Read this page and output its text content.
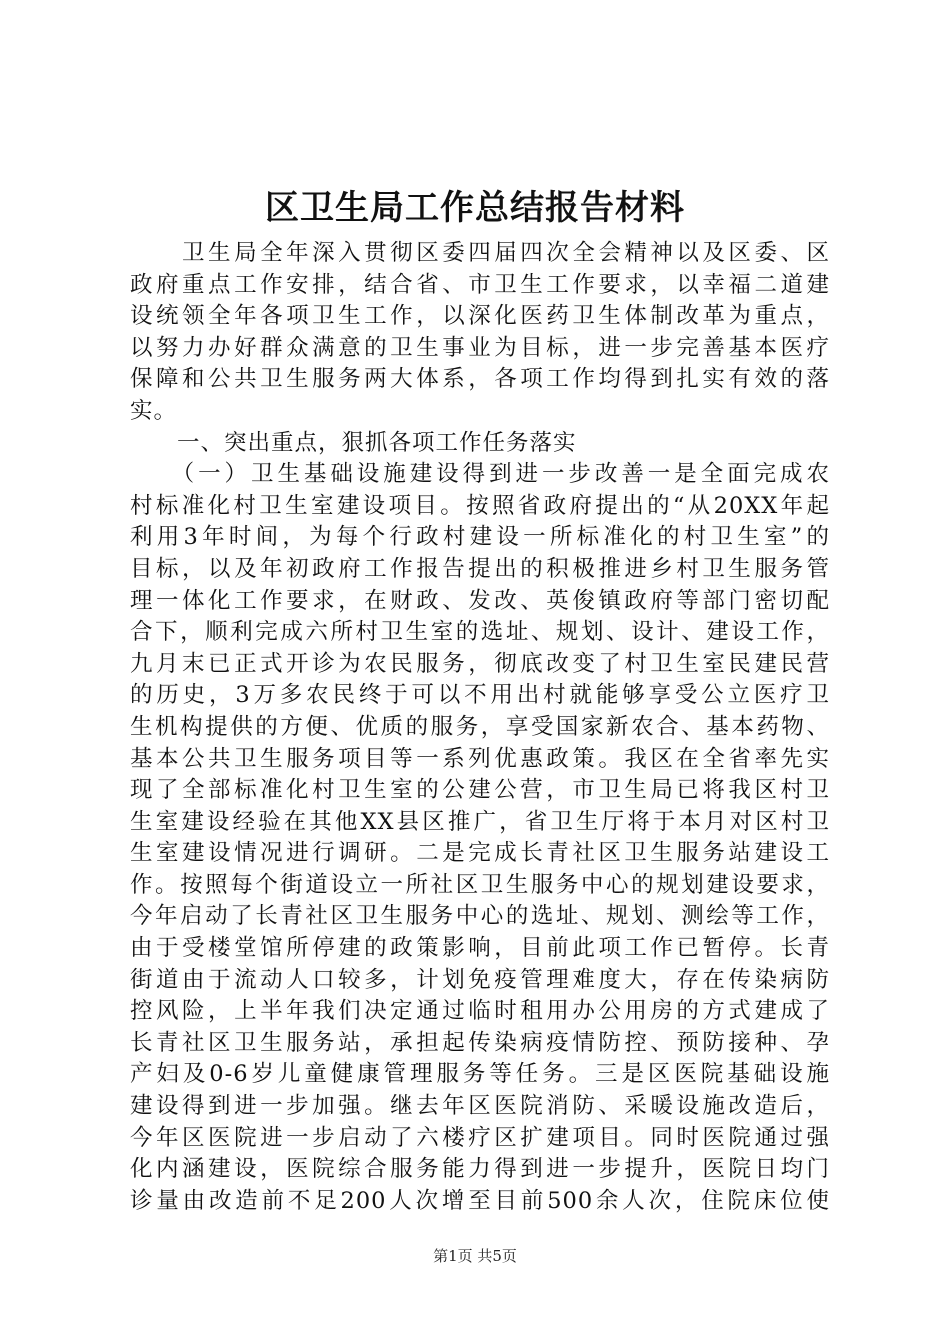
区卫生局工作总结报告材料
　　卫生局全年深入贯彻区委四届四次全会精神以及区委、区
政府重点工作安排，结合省、市卫生工作要求，以幸福二道建
设统领全年各项卫生工作，以深化医药卫生体制改革为重点，
以努力办好群众满意的卫生事业为目标，进一步完善基本医疗
保障和公共卫生服务两大体系，各项工作均得到扎实有效的落
实。
　　一、突出重点，狠抓各项工作任务落实
　　（一）卫生基础设施建设得到进一步改善一是全面完成农
村标准化村卫生室建设项目。按照省政府提出的“从20XX年起
利用3年时间，为每个行政村建设一所标准化的村卫生室”的
目标，以及年初政府工作报告提出的积极推进乡村卫生服务管
理一体化工作要求，在财政、发改、英俊镇政府等部门密切配
合下，顺利完成六所村卫生室的选址、规划、设计、建设工作，
九月末已正式开诊为农民服务，彻底改变了村卫生室民建民营
的历史，3万多农民终于可以不用出村就能够享受公立医疗卫
生机构提供的方便、优质的服务，享受国家新农合、基本药物、
基本公共卫生服务项目等一系列优惠政策。我区在全省率先实
现了全部标准化村卫生室的公建公营，市卫生局已将我区村卫
生室建设经验在其他XX县区推广，省卫生厅将于本月对区村卫
生室建设情况进行调研。二是完成长青社区卫生服务站建设工
作。按照每个街道设立一所社区卫生服务中心的规划建设要求，
今年启动了长青社区卫生服务中心的选址、规划、测绘等工作，
由于受楼堂馆所停建的政策影响，目前此项工作已暂停。长青
街道由于流动人口较多，计划免疫管理难度大，存在传染病防
控风险，上半年我们决定通过临时租用办公用房的方式建成了
长青社区卫生服务站，承担起传染病疫情防控、预防接种、孕
产妇及0-6岁儿童健康管理服务等任务。三是区医院基础设施
建设得到进一步加强。继去年区医院消防、采暖设施改造后，
今年区医院进一步启动了六楼疗区扩建项目。同时医院通过强
化内涵建设，医院综合服务能力得到进一步提升，医院日均门
诊量由改造前不足200人次增至目前500余人次，住院床位使
第1页 共5页
